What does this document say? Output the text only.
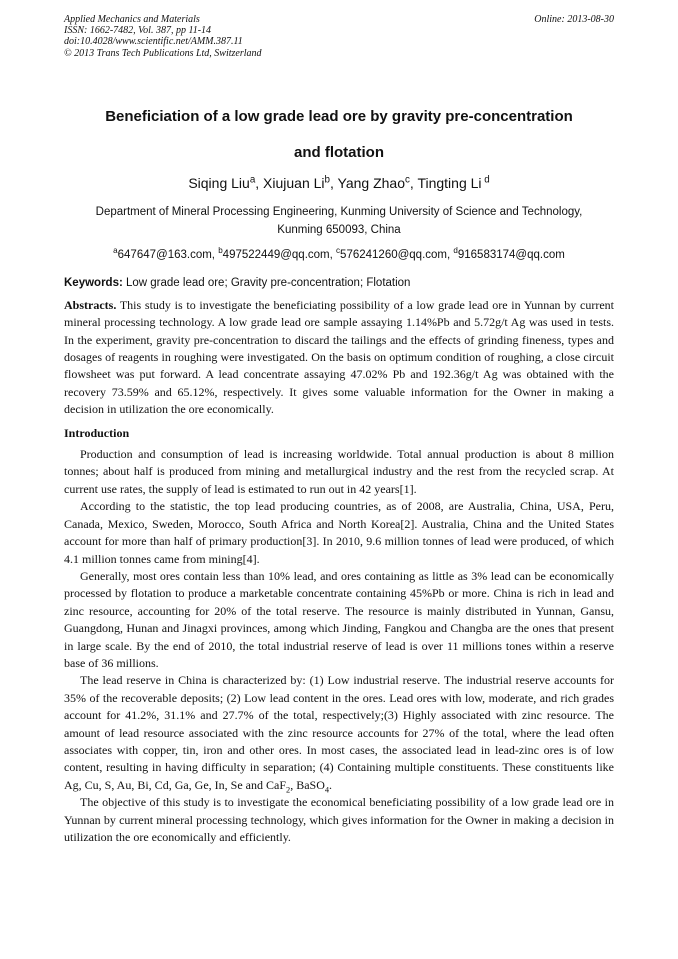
Applied Mechanics and Materials
ISSN: 1662-7482, Vol. 387, pp 11-14
doi:10.4028/www.scientific.net/AMM.387.11
© 2013 Trans Tech Publications Ltd, Switzerland
Online: 2013-08-30
Beneficiation of a low grade lead ore by gravity pre-concentration
and flotation
Siqing Liu$^a$, Xiujuan Li$^b$, Yang Zhao$^c$, Tingting Li $^d$
Department of Mineral Processing Engineering, Kunming University of Science and Technology,
Kunming 650093, China
$^a$647647@163.com, $^b$497522449@qq.com, $^c$576241260@qq.com, $^d$916583174@qq.com
Keywords: Low grade lead ore; Gravity pre-concentration; Flotation
Abstracts. This study is to investigate the beneficiating possibility of a low grade lead ore in Yunnan by current mineral processing technology. A low grade lead ore sample assaying 1.14%Pb and 5.72g/t Ag was used in tests. In the experiment, gravity pre-concentration to discard the tailings and the effects of grinding fineness, types and dosages of reagents in roughing were investigated. On the basis on optimum condition of roughing, a close circuit flowsheet was put forward. A lead concentrate assaying 47.02% Pb and 192.36g/t Ag was obtained with the recovery 73.59% and 65.12%, respectively. It gives some valuable information for the Owner in making a decision in utilization the ore economically.
Introduction

Production and consumption of lead is increasing worldwide. Total annual production is about 8 million tonnes; about half is produced from mining and metallurgical industry and the rest from the recycled scrap. At current use rates, the supply of lead is estimated to run out in 42 years[1].

According to the statistic, the top lead producing countries, as of 2008, are Australia, China, USA, Peru, Canada, Mexico, Sweden, Morocco, South Africa and North Korea[2]. Australia, China and the United States account for more than half of primary production[3]. In 2010, 9.6 million tonnes of lead were produced, of which 4.1 million tonnes came from mining[4].

Generally, most ores contain less than 10% lead, and ores containing as little as 3% lead can be economically processed by flotation to produce a marketable concentrate containing 45%Pb or more. China is rich in lead and zinc resource, accounting for 20% of the total reserve. The resource is mainly distributed in Yunnan, Gansu, Guangdong, Hunan and Jinagxi provinces, among which Jinding, Fangkou and Changba are the ones that present in large scale. By the end of 2010, the total industrial reserve of lead is over 11 millions tones within a reserve base of 36 millions.

The lead reserve in China is characterized by: (1) Low industrial reserve. The industrial reserve accounts for 35% of the recoverable deposits; (2) Low lead content in the ores. Lead ores with low, moderate, and rich grades account for 41.2%, 31.1% and 27.7% of the total, respectively;(3) Highly associated with zinc resource. The amount of lead resource associated with the zinc resource accounts for 27% of the total, where the lead often associates with copper, tin, iron and other ores. In most cases, the associated lead in lead-zinc ores is of low content, resulting in having difficulty in separation; (4) Containing multiple constituents. These constituents like Ag, Cu, S, Au, Bi, Cd, Ga, Ge, In, Se and CaF$_2$, BaSO$_4$.

The objective of this study is to investigate the economical beneficiating possibility of a low grade lead ore in Yunnan by current mineral processing technology, which gives information for the Owner in making a decision in utilization the ore economically and efficiently.
